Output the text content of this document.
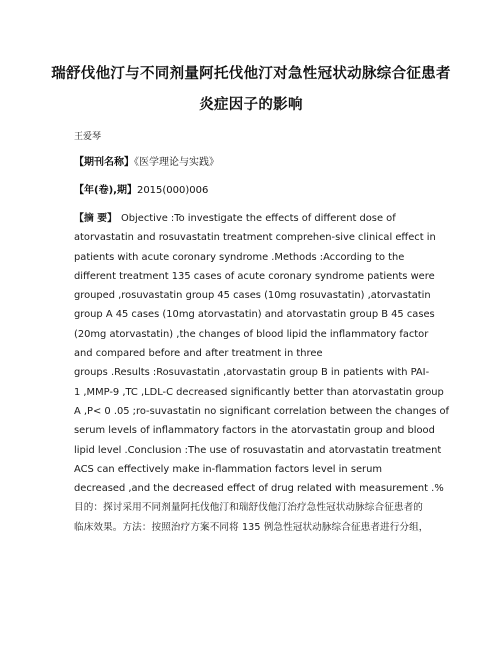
瑞舒伐他汀与不同剂量阿托伐他汀对急性冠状动脉综合征患者
炎症因子的影响
王爱琴
【期刊名称】《医学理论与实践》
【年(卷),期】2015(000)006
【摘 要】 Objective :To investigate the effects of different dose of
atorvastatin and rosuvastatin treatment comprehen-sive clinical effect in
patients with acute coronary syndrome .Methods :According to the
different treatment 135 cases of acute coronary syndrome patients were
grouped ,rosuvastatin group 45 cases (10mg rosuvastatin) ,atorvastatin
group A 45 cases (10mg atorvastatin) and atorvastatin group B 45 cases
(20mg atorvastatin) ,the changes of blood lipid the inflammatory factor
and compared before and after treatment in three
groups .Results :Rosuvastatin ,atorvastatin group B in patients with PAI-
1 ,MMP-9 ,TC ,LDL-C decreased significantly better than atorvastatin group
A ,P< 0 .05 ;ro-suvastatin no significant correlation between the changes of
serum levels of inflammatory factors in the atorvastatin group and blood
lipid level .Conclusion :The use of rosuvastatin and atorvastatin treatment
ACS can effectively make in-flammation factors level in serum
decreased ,and the decreased effect of drug related with measurement .%
目的：探讨采用不同剂量阿托伐他汀和瑞舒伐他汀治疗急性冠状动脉综合征患者的
临床效果。方法：按照治疗方案不同将 135 例急性冠状动脉综合征患者进行分组，
